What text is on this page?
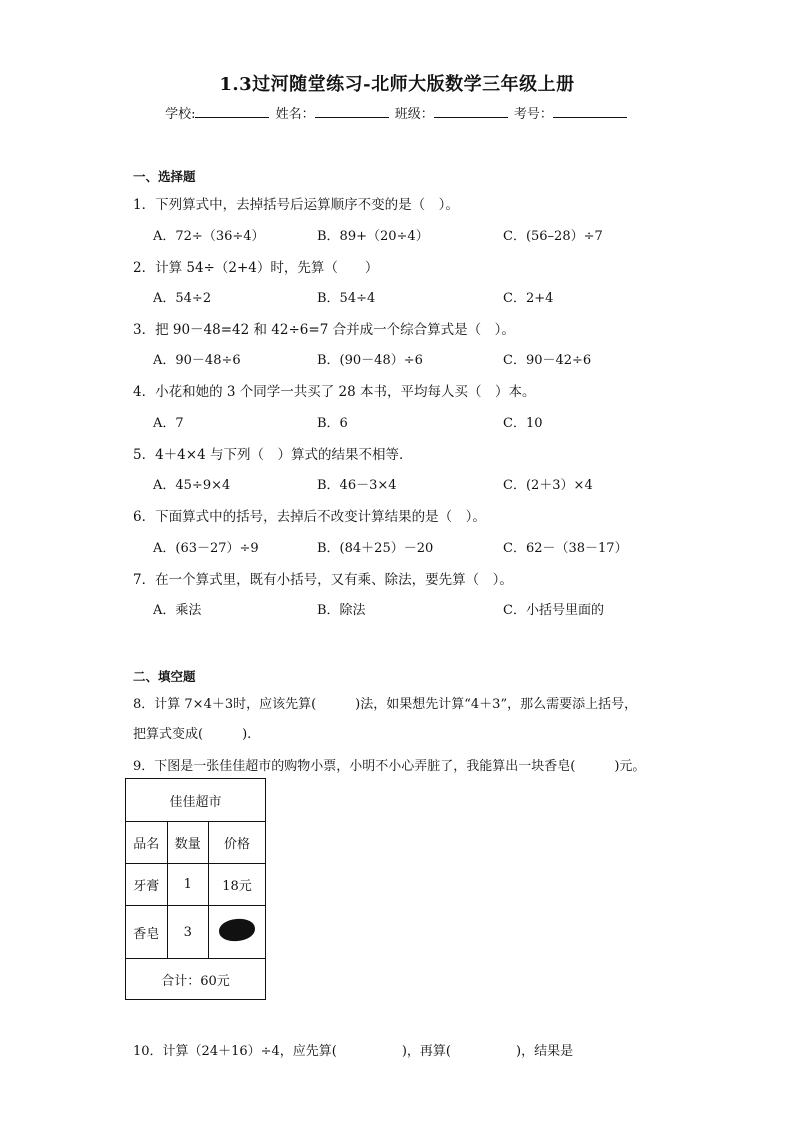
1.3过河随堂练习-北师大版数学三年级上册
学校:	姓名：	班级：	考号：
一、选择题
1．下列算式中，去掉括号后运算顺序不变的是（　）。
A．72÷（36÷4）	B．89+（20÷4）	C．(56–28）÷7
2．计算 54÷（2+4）时，先算（　　）
A．54÷2	B．54÷4	C．2+4
3．把 90－48=42 和 42÷6=7 合并成一个综合算式是（　）。
A．90－48÷6	B．(90－48）÷6	C．90－42÷6
4．小花和她的 3 个同学一共买了 28 本书，平均每人买（　）本。
A．7	B．6	C．10
5．4＋4×4 与下列（　）算式的结果不相等．
A．45÷9×4	B．46－3×4	C．(2＋3）×4
6．下面算式中的括号，去掉后不改变计算结果的是（　）。
A．(63－27）÷9	B．(84＋25）－20	C．62－（38－17）
7．在一个算式里，既有小括号，又有乘、除法，要先算（　）。
A．乘法	B．除法	C．小括号里面的
二、填空题
8．计算 7×4＋3时，应该先算(　　　)法，如果想先计算“4＋3”，那么需要添上括号，
把算式变成(　　　).
9．下图是一张佳佳超市的购物小票，小明不小心弄脏了，我能算出一块香皂(　　　)元。
佳佳超市		
品名	数量	价格
牙膏	1	18元
香皂	3	
合计：60元		
10．计算（24＋16）÷4，应先算(　　　　　)，再算(　　　　　)，结果是
